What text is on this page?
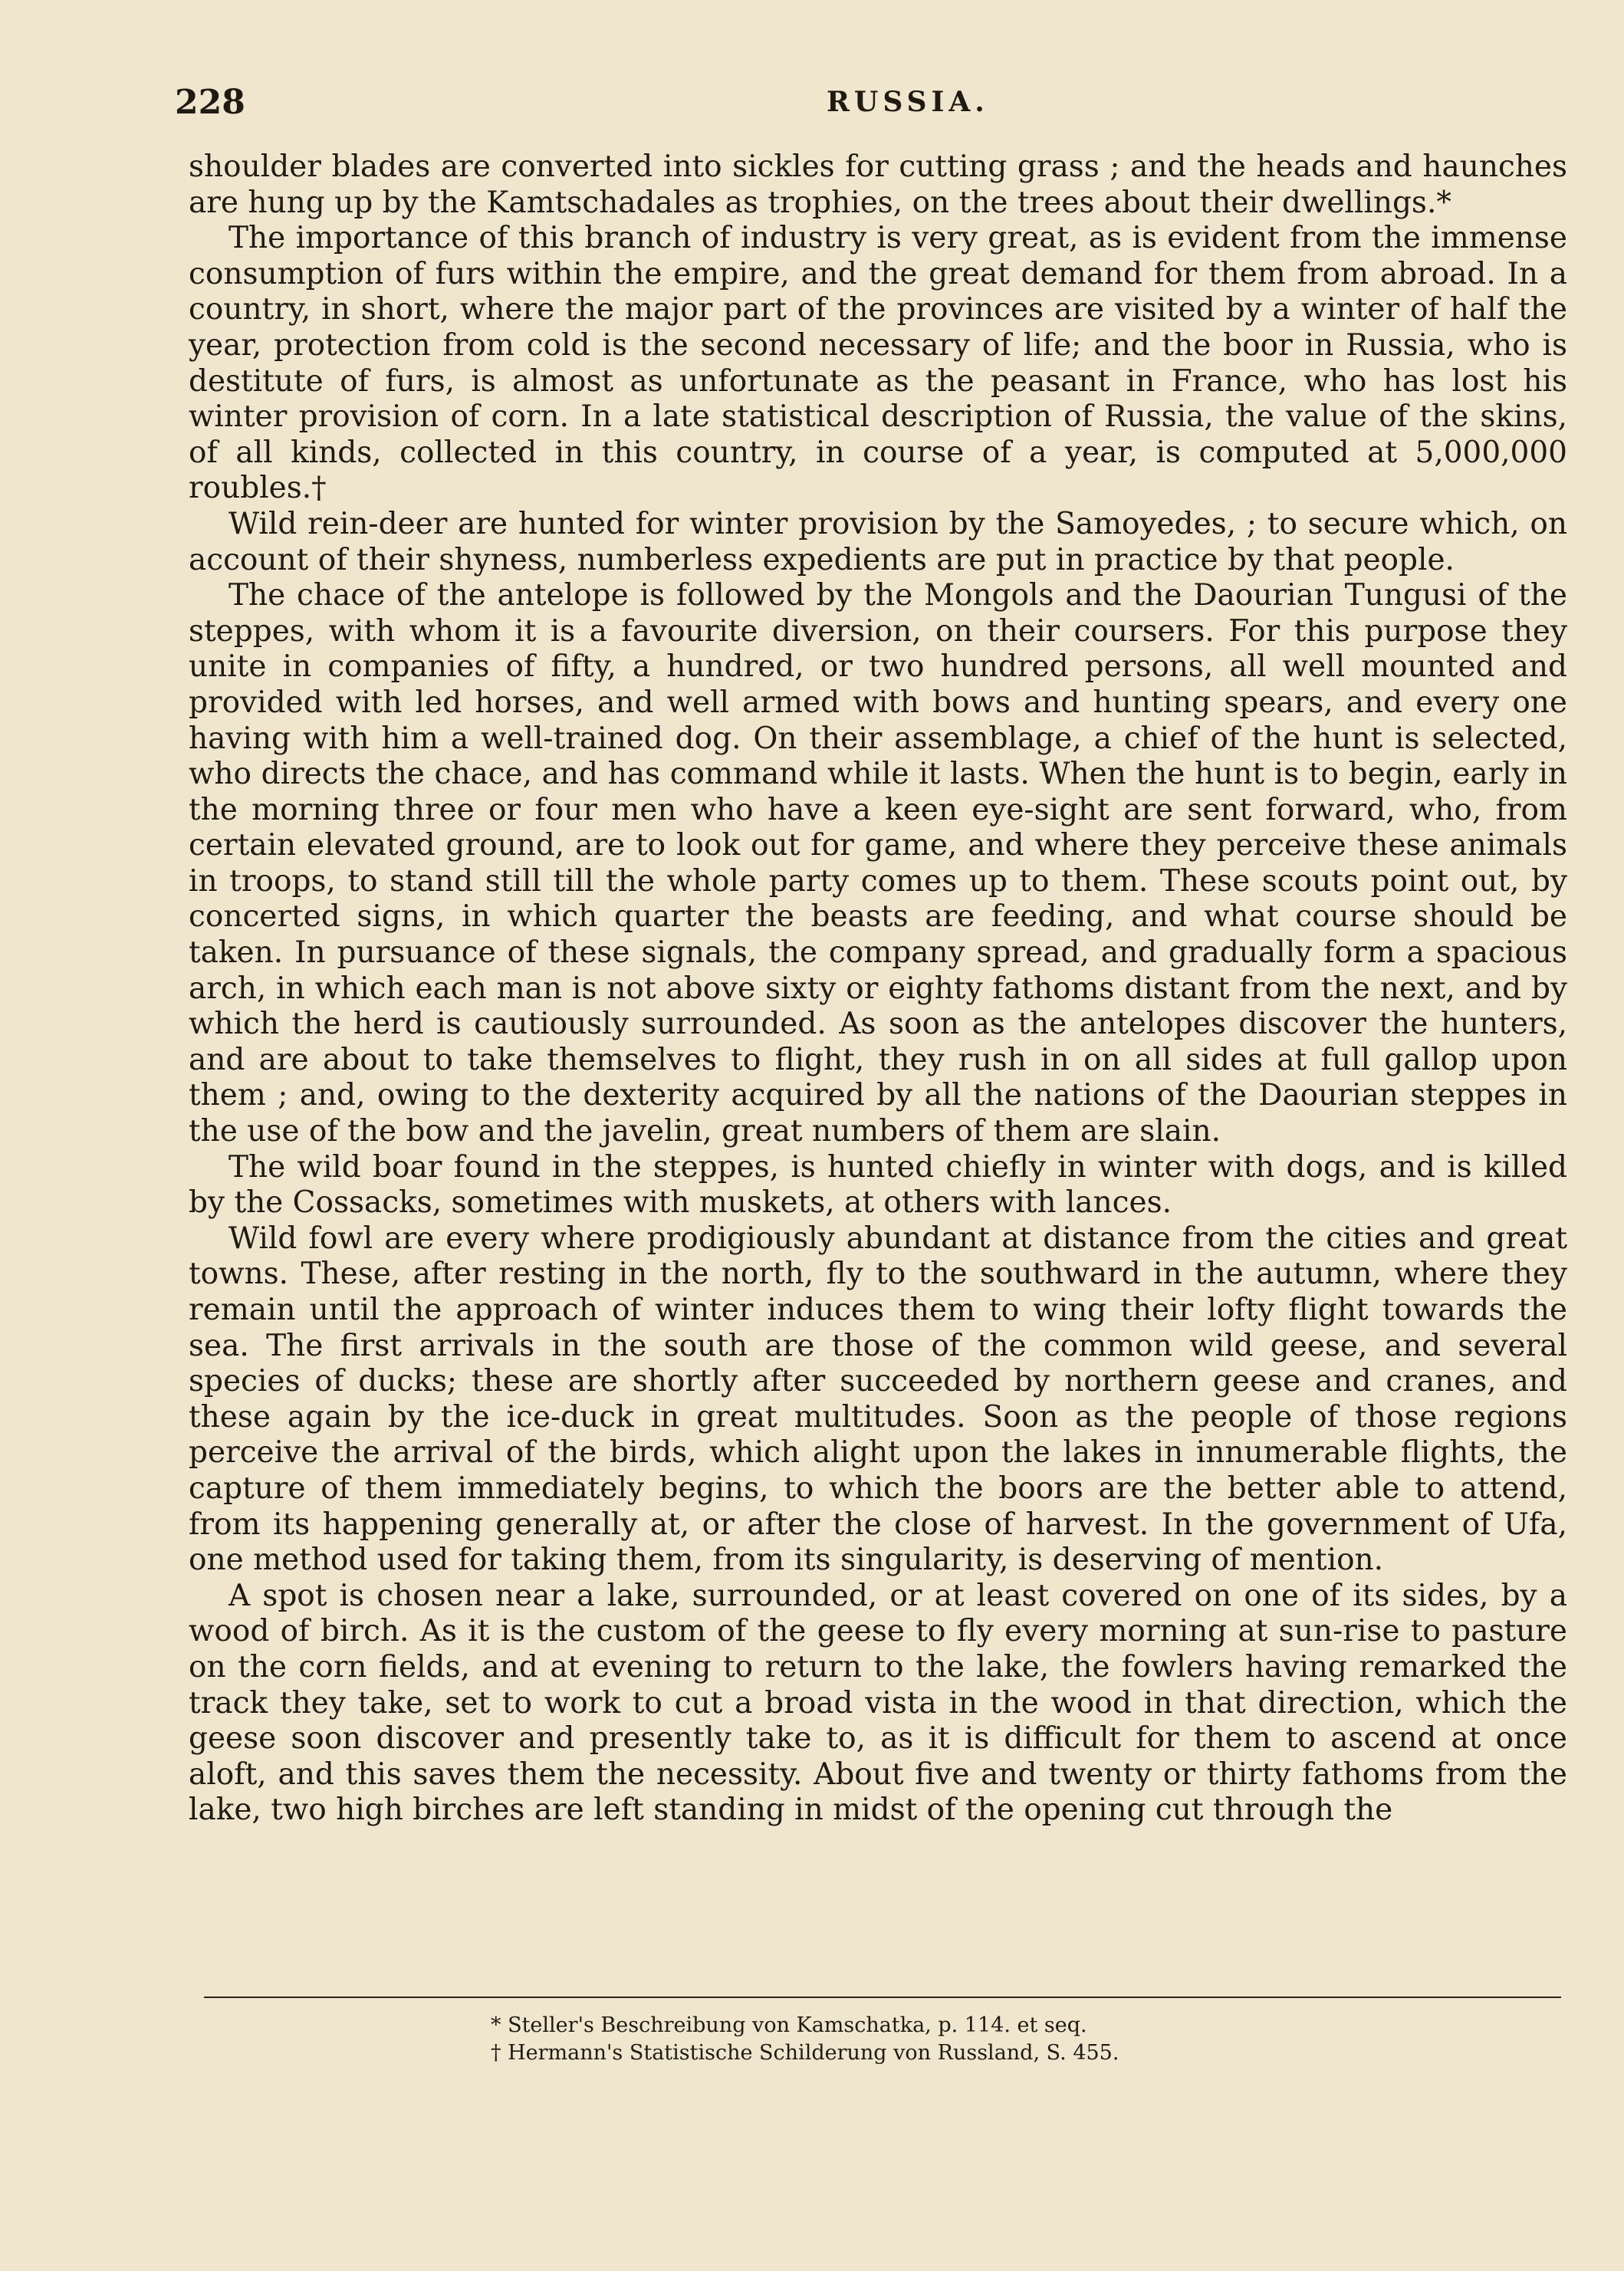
228	RUSSIA.

shoulder blades are converted into sickles for cutting grass ; and the heads and haunches are hung up by the Kamtschadales as trophies, on the trees about their dwellings.*

The importance of this branch of industry is very great, as is evident from the immense consumption of furs within the empire, and the great demand for them from abroad. In a country, in short, where the major part of the provinces are visited by a winter of half the year, protection from cold is the second necessary of life; and the boor in Russia, who is destitute of furs, is almost as unfortunate as the peasant in France, who has lost his winter provision of corn. In a late statistical description of Russia, the value of the skins, of all kinds, collected in this country, in course of a year, is computed at 5,000,000 roubles.†

Wild rein-deer are hunted for winter provision by the Samoyedes, ; to secure which, on account of their shyness, numberless expedients are put in practice by that people.

The chace of the antelope is followed by the Mongols and the Daourian Tungusi of the steppes, with whom it is a favourite diversion, on their coursers. For this purpose they unite in companies of fifty, a hundred, or two hundred persons, all well mounted and provided with led horses, and well armed with bows and hunting spears, and every one having with him a well-trained dog. On their assemblage, a chief of the hunt is selected, who directs the chace, and has command while it lasts. When the hunt is to begin, early in the morning three or four men who have a keen eye-sight are sent forward, who, from certain elevated ground, are to look out for game, and where they perceive these animals in troops, to stand still till the whole party comes up to them. These scouts point out, by concerted signs, in which quarter the beasts are feeding, and what course should be taken. In pursuance of these signals, the company spread, and gradually form a spacious arch, in which each man is not above sixty or eighty fathoms distant from the next, and by which the herd is cautiously surrounded. As soon as the antelopes discover the hunters, and are about to take themselves to flight, they rush in on all sides at full gallop upon them ; and, owing to the dexterity acquired by all the nations of the Daourian steppes in the use of the bow and the javelin, great numbers of them are slain.

The wild boar found in the steppes, is hunted chiefly in winter with dogs, and is killed by the Cossacks, sometimes with muskets, at others with lances.

Wild fowl are every where prodigiously abundant at distance from the cities and great towns. These, after resting in the north, fly to the southward in the autumn, where they remain until the approach of winter induces them to wing their lofty flight towards the sea. The first arrivals in the south are those of the common wild geese, and several species of ducks; these are shortly after succeeded by northern geese and cranes, and these again by the ice-duck in great multitudes. Soon as the people of those regions perceive the arrival of the birds, which alight upon the lakes in innumerable flights, the capture of them immediately begins, to which the boors are the better able to attend, from its happening generally at, or after the close of harvest. In the government of Ufa, one method used for taking them, from its singularity, is deserving of mention.

A spot is chosen near a lake, surrounded, or at least covered on one of its sides, by a wood of birch. As it is the custom of the geese to fly every morning at sun-rise to pasture on the corn fields, and at evening to return to the lake, the fowlers having remarked the track they take, set to work to cut a broad vista in the wood in that direction, which the geese soon discover and presently take to, as it is difficult for them to ascend at once aloft, and this saves them the necessity. About five and twenty or thirty fathoms from the lake, two high birches are left standing in midst of the opening cut through the

* Steller's Beschreibung von Kamschatka, p. 114. et seq.
† Hermann's Statistische Schilderung von Russland, S. 455.
